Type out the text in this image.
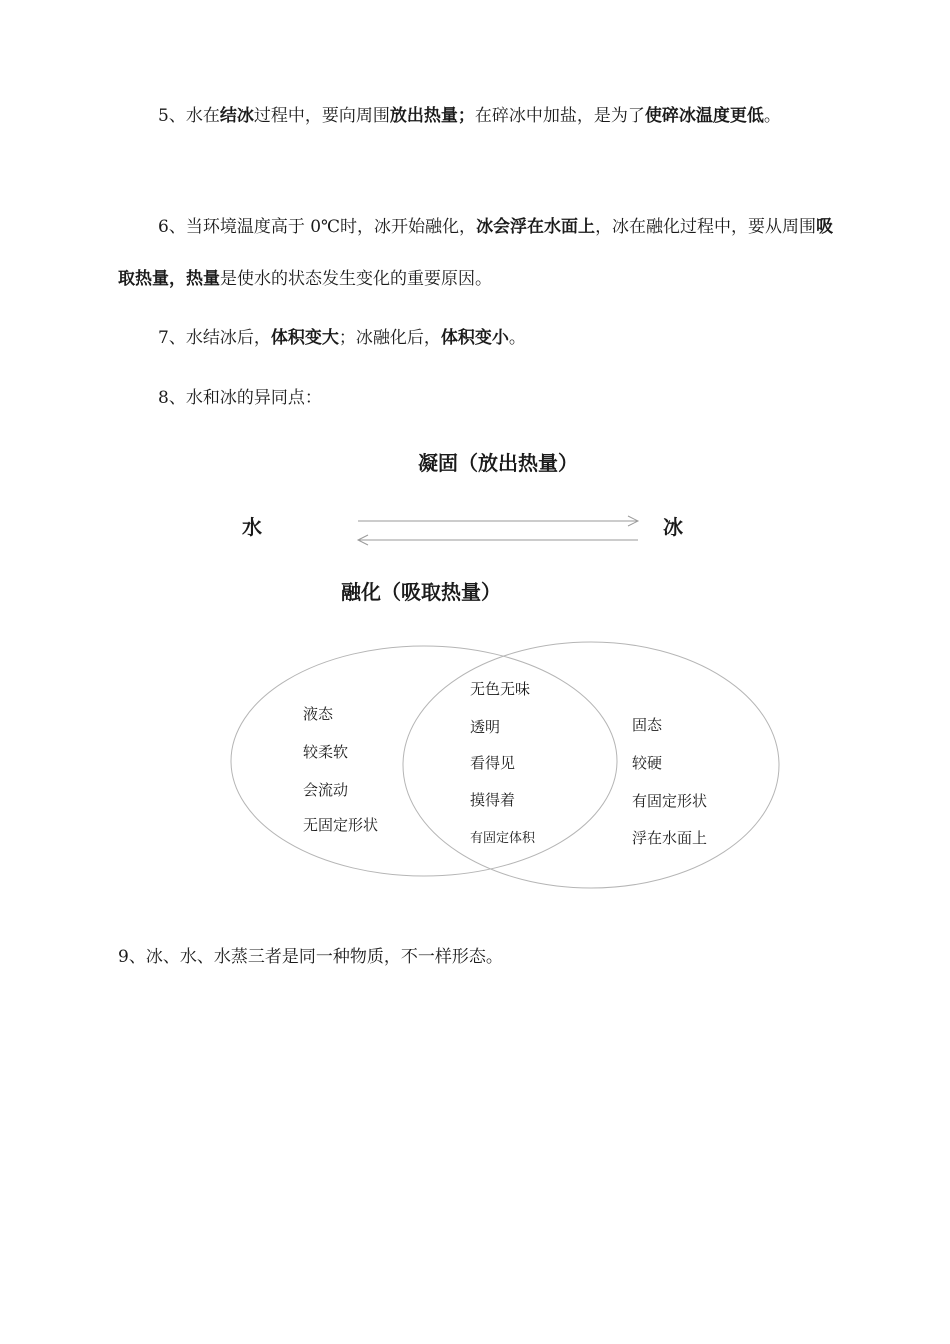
5、水在结冰过程中，要向周围放出热量；在碎冰中加盐，是为了使碎冰温度更低。

6、当环境温度高于 0℃时，冰开始融化，冰会浮在水面上，冰在融化过程中，要从周围吸取热量，热量是使水的状态发生变化的重要原因。

7、水结冰后，体积变大；冰融化后，体积变小。

8、水和冰的异同点：

凝固（放出热量）

水	冰

融化（吸取热量）

液态

较柔软

会流动

无固定形状

无色无味

透明

看得见

摸得着

有固定体积

固态

较硬

有固定形状

浮在水面上

9、冰、水、水蒸三者是同一种物质，不一样形态。
